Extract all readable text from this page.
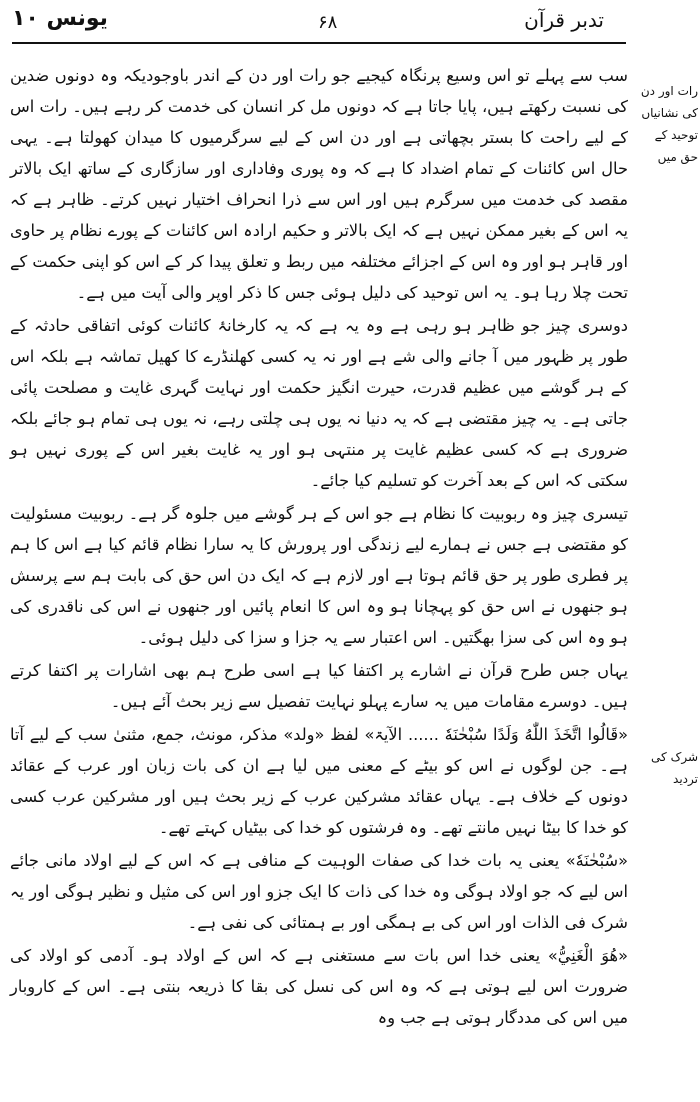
یونس ۱۰	۶۸	تدبر قرآن
رات اور دن کی نشانیاں توحید کے حق میں
شرک کی تردید

سب سے پہلے تو اس وسیع پرنگاہ کیجیے جو رات اور دن کے اندر باوجودیکہ وہ دونوں ضدین کی نسبت رکھتے ہیں، پایا جاتا ہے کہ دونوں مل کر انسان کی خدمت کر رہے ہیں۔ رات اس کے لیے راحت کا بستر بچھاتی ہے اور دن اس کے لیے سرگرمیوں کا میدان کھولتا ہے۔ یہی حال اس کائنات کے تمام اضداد کا ہے کہ وہ پوری وفاداری اور سازگاری کے ساتھ ایک بالاتر مقصد کی خدمت میں سرگرم ہیں اور اس سے ذرا انحراف اختیار نہیں کرتے۔ ظاہر ہے کہ یہ اس کے بغیر ممکن نہیں ہے کہ ایک بالاتر و حکیم ارادہ اس کائنات کے پورے نظام پر حاوی اور قاہر ہو اور وہ اس کے اجزائے مختلفہ میں ربط و تعلق پیدا کر کے اس کو اپنی حکمت کے تحت چلا رہا ہو۔ یہ اس توحید کی دلیل ہوئی جس کا ذکر اوپر والی آیت میں ہے۔

دوسری چیز جو ظاہر ہو رہی ہے وہ یہ ہے کہ یہ کارخانۂ کائنات کوئی اتفاقی حادثہ کے طور پر ظہور میں آ جانے والی شے ہے اور نہ یہ کسی کھلنڈرے کا کھیل تماشہ ہے بلکہ اس کے ہر گوشے میں عظیم قدرت، حیرت انگیز حکمت اور نہایت گہری غایت و مصلحت پائی جاتی ہے۔ یہ چیز مقتضی ہے کہ یہ دنیا نہ یوں ہی چلتی رہے، نہ یوں ہی تمام ہو جائے بلکہ ضروری ہے کہ کسی عظیم غایت پر منتہی ہو اور یہ غایت بغیر اس کے پوری نہیں ہو سکتی کہ اس کے بعد آخرت کو تسلیم کیا جائے۔

تیسری چیز وہ ربوبیت کا نظام ہے جو اس کے ہر گوشے میں جلوہ گر ہے۔ ربوبیت مسئولیت کو مقتضی ہے جس نے ہمارے لیے زندگی اور پرورش کا یہ سارا نظام قائم کیا ہے اس کا ہم پر فطری طور پر حق قائم ہوتا ہے اور لازم ہے کہ ایک دن اس حق کی بابت ہم سے پرسش ہو جنھوں نے اس حق کو پہچانا ہو وہ اس کا انعام پائیں اور جنھوں نے اس کی ناقدری کی ہو وہ اس کی سزا بھگتیں۔ اس اعتبار سے یہ جزا و سزا کی دلیل ہوئی۔

یہاں جس طرح قرآن نے اشارے پر اکتفا کیا ہے اسی طرح ہم بھی اشارات پر اکتفا کرتے ہیں۔ دوسرے مقامات میں یہ سارے پہلو نہایت تفصیل سے زیر بحث آئے ہیں۔

«قَالُوا اتَّخَذَ اللّٰهُ وَلَدًا سُبْحٰنَهٗ ...... الآیۃ» لفظ «ولد» مذکر، مونث، جمع، مثنیٰ سب کے لیے آتا ہے۔ جن لوگوں نے اس کو بیٹے کے معنی میں لیا ہے ان کی بات زبان اور عرب کے عقائد دونوں کے خلاف ہے۔ یہاں عقائد مشرکین عرب کے زیر بحث ہیں اور مشرکین عرب کسی کو خدا کا بیٹا نہیں مانتے تھے۔ وہ فرشتوں کو خدا کی بیٹیاں کہتے تھے۔

«سُبْحٰنَهٗ» یعنی یہ بات خدا کی صفات الوہیت کے منافی ہے کہ اس کے لیے اولاد مانی جائے اس لیے کہ جو اولاد ہوگی وہ خدا کی ذات کا ایک جزو اور اس کی مثیل و نظیر ہوگی اور یہ شرک فی الذات اور اس کی بے ہمگی اور بے ہمتائی کی نفی ہے۔

«هُوَ الْغَنِيُّ» یعنی خدا اس بات سے مستغنی ہے کہ اس کے اولاد ہو۔ آدمی کو اولاد کی ضرورت اس لیے ہوتی ہے کہ وہ اس کی نسل کی بقا کا ذریعہ بنتی ہے۔ اس کے کاروبار میں اس کی مددگار ہوتی ہے جب وہ
